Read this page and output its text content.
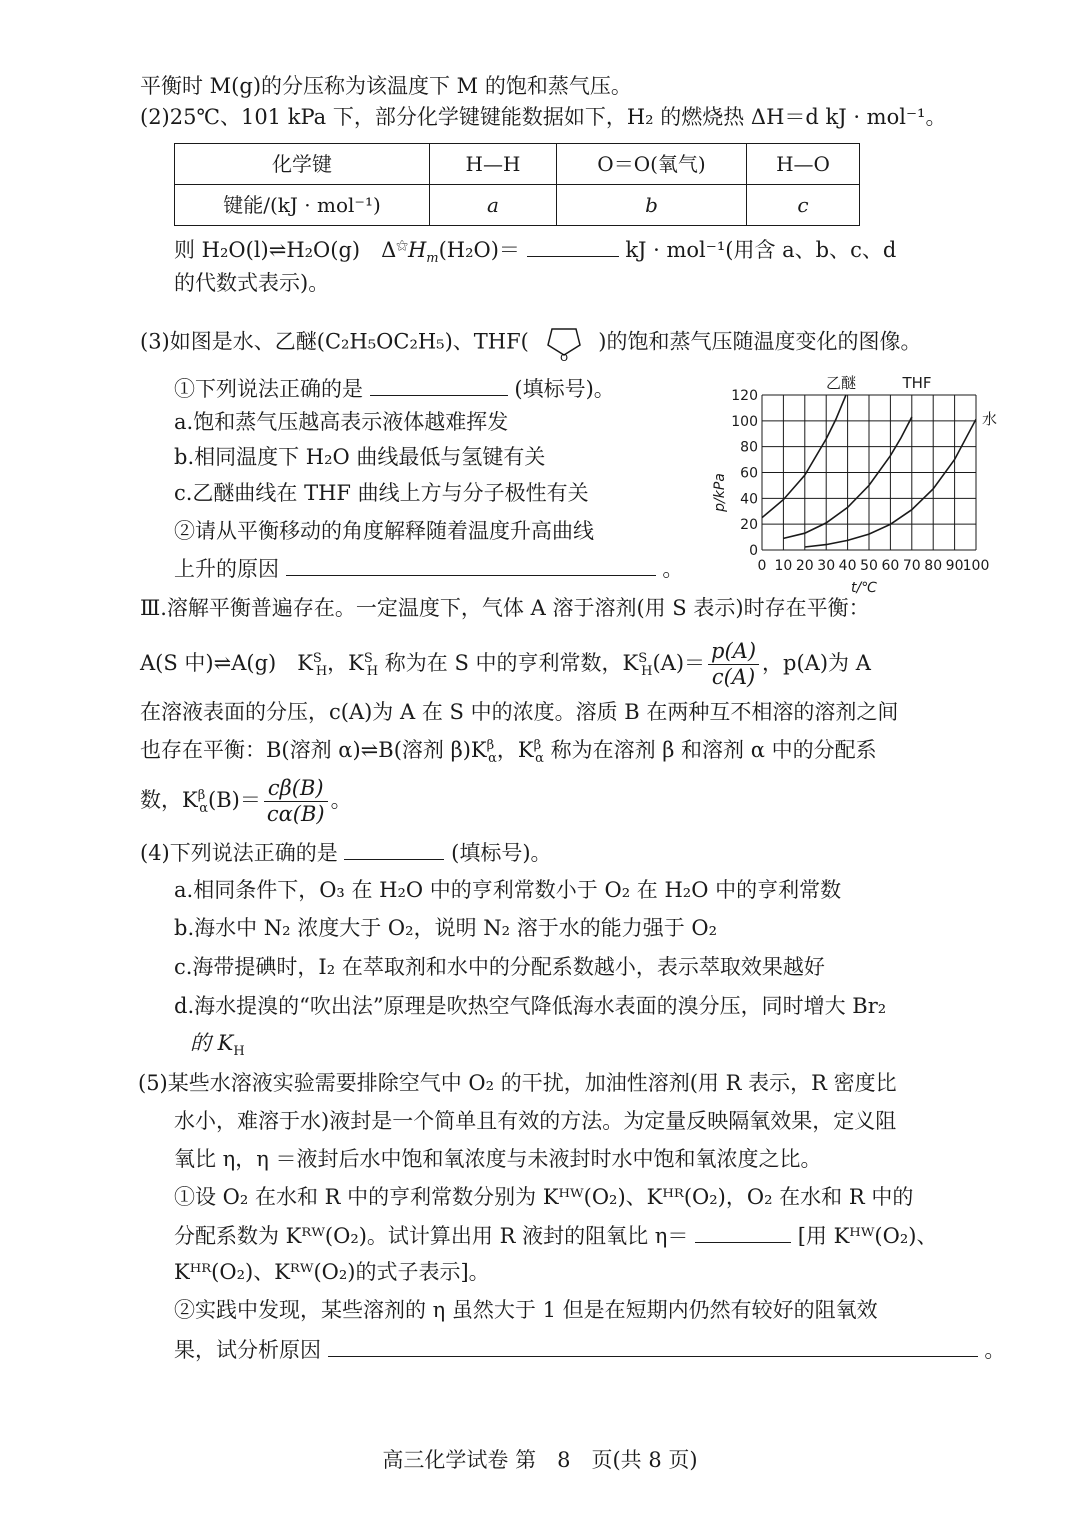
平衡时 M(g)的分压称为该温度下 M 的饱和蒸气压。
(2)25℃、101 kPa 下，部分化学键键能数据如下，H₂ 的燃烧热 ΔH＝d kJ · mol⁻¹。
化学键	H—H	O＝O(氧气)	H—O
键能/(kJ · mol⁻¹)	a	b	c
则 H₂O(l)⇌H₂O(g)　$\Delta^⚝H_m(H_2O)=$	kJ · mol⁻¹(用含 a、b、c、d
的代数式表示)。
(3)如图是水、乙醚(C₂H₅OC₂H₅)、THF(
O
)的饱和蒸气压随温度变化的图像。
①下列说法正确的是	(填标号)。
a.饱和蒸气压越高表示液体越难挥发
b.相同温度下 H₂O 曲线最低与氢键有关
c.乙醚曲线在 THF 曲线上方与分子极性有关
②请从平衡移动的角度解释随着温度升高曲线
上升的原因	。	0 10 20 30 40 50 60 70 80 90 100
0
20
40
60
80
100
120
t/℃
p/kPa
乙醚	THF
水
Ⅲ.溶解平衡普遍存在。一定温度下，气体 A 溶于溶剂(用 S 表示)时存在平衡：
A(S 中)⇌A(g)　$K^S_H$，$K^S_H$ 称为在 S 中的亨利常数，$K^S_H(A)= \frac{p(A)}{c(A)}$ ，p(A)为 A
在溶液表面的分压，c(A)为 A 在 S 中的浓度。溶质 B 在两种互不相溶的溶剂之间
也存在平衡：B(溶剂 α)⇌B(溶剂 $\beta)K^\beta_\alpha$，$K^\beta_\alpha$ 称为在溶剂 β 和溶剂 α 中的分配系
数，$K^\beta_\alpha(B)= \frac{c\beta(B)}{c\alpha(B)}$ 。
(4)下列说法正确的是	(填标号)。
a.相同条件下，O₃ 在 H₂O 中的亨利常数小于 O₂ 在 H₂O 中的亨利常数
b.海水中 N₂ 浓度大于 O₂，说明 N₂ 溶于水的能力强于 O₂
c.海带提碘时，I₂ 在萃取剂和水中的分配系数越小，表示萃取效果越好
d.海水提溴的“吹出法”原理是吹热空气降低海水表面的溴分压，同时增大 Br₂
的 $K_H$
(5)某些水溶液实验需要排除空气中 O₂ 的干扰，加油性溶剂(用 R 表示，R 密度比
水小，难溶于水)液封是一个简单且有效的方法。为定量反映隔氧效果，定义阻
氧比 η，η ＝液封后水中饱和氧浓度与未液封时水中饱和氧浓度之比。
①设 O₂ 在水和 R 中的亨利常数分别为 Kᴴᵂ(O₂)、Kᴴᴿ(O₂)，O₂ 在水和 R 中的
分配系数为 Kᴿᵂ(O₂)。试计算出用 R 液封的阻氧比 η＝	[用 Kᴴᵂ(O₂)、
Kᴴᴿ(O₂)、Kᴿᵂ(O₂)的式子表示]。
②实践中发现，某些溶剂的 η 虽然大于 1 但是在短期内仍然有较好的阻氧效
果，试分析原因	。
高三化学试卷 第　8　页(共 8 页)
